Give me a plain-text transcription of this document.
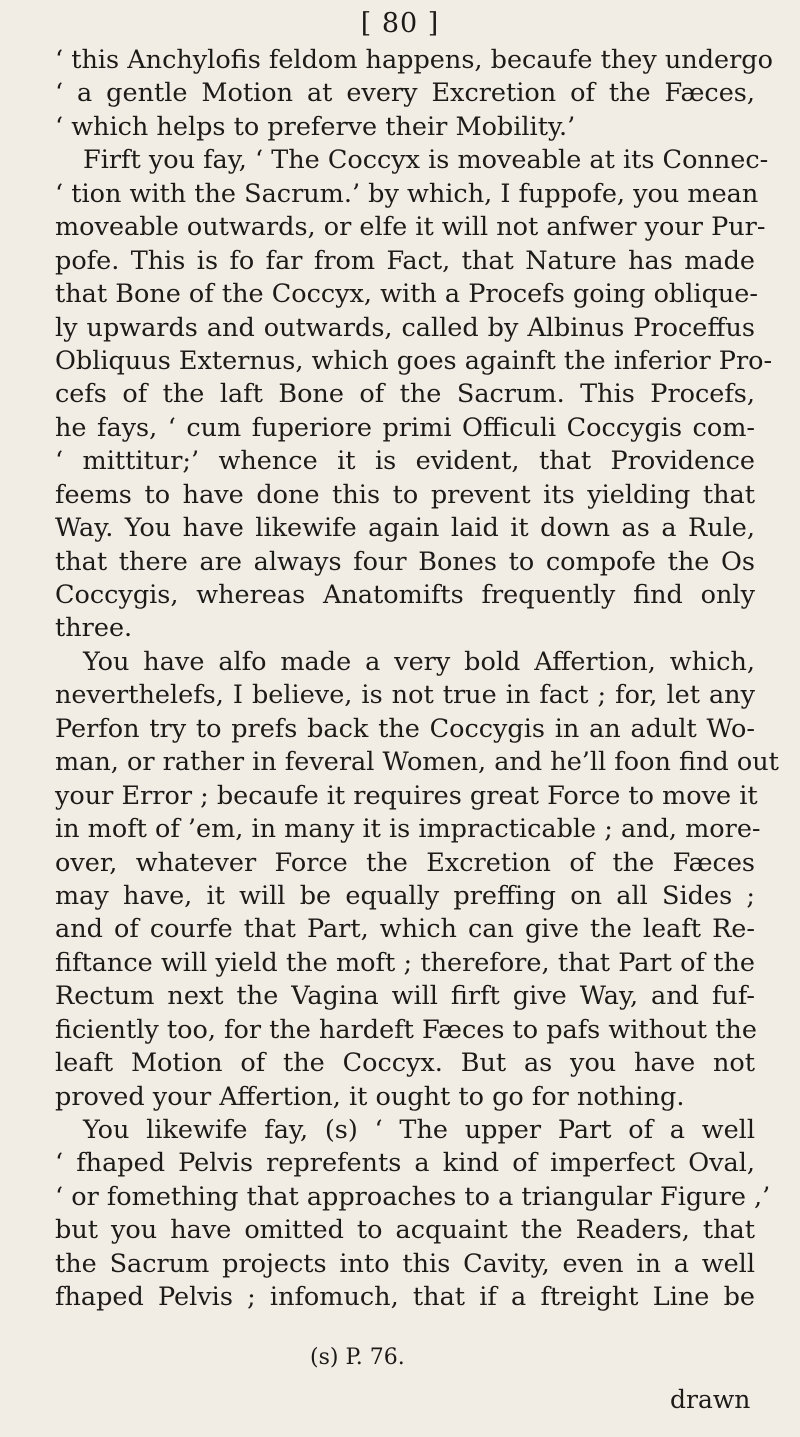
[ 80 ]
‘ this Anchylofis feldom happens, becaufe they undergo
‘ a gentle Motion at every Excretion of the Fæces,
‘ which helps to preferve their Mobility.’
Firft you fay, ‘ The Coccyx is moveable at its Connec-
‘ tion with the Sacrum.’ by which, I fuppofe, you mean
moveable outwards, or elfe it will not anfwer your Pur-
pofe. This is fo far from Fact, that Nature has made
that Bone of the Coccyx, with a Procefs going oblique-
ly upwards and outwards, called by Albinus Proceffus
Obliquus Externus, which goes againft the inferior Pro-
cefs of the laft Bone of the Sacrum. This Procefs,
he fays, ‘ cum fuperiore primi Officuli Coccygis com-
‘ mittitur;’ whence it is evident, that Providence
feems to have done this to prevent its yielding that
Way. You have likewife again laid it down as a Rule,
that there are always four Bones to compofe the Os
Coccygis, whereas Anatomifts frequently find only
three.
You have alfo made a very bold Affertion, which,
neverthelefs, I believe, is not true in fact ; for, let any
Perfon try to prefs back the Coccygis in an adult Wo-
man, or rather in feveral Women, and he’ll foon find out
your Error ; becaufe it requires great Force to move it
in moft of ’em, in many it is impracticable ; and, more-
over, whatever Force the Excretion of the Fæces
may have, it will be equally preffing on all Sides ;
and of courfe that Part, which can give the leaft Re-
fiftance will yield the moft ; therefore, that Part of the
Rectum next the Vagina will firft give Way, and fuf-
ficiently too, for the hardeft Fæces to pafs without the
leaft Motion of the Coccyx. But as you have not
proved your Affertion, it ought to go for nothing.
You likewife fay, (s) ‘ The upper Part of a well
‘ fhaped Pelvis reprefents a kind of imperfect Oval,
‘ or fomething that approaches to a triangular Figure ,’
but you have omitted to acquaint the Readers, that
the Sacrum projects into this Cavity, even in a well
fhaped Pelvis ; infomuch, that if a ftreight Line be
(s) P. 76.
drawn
